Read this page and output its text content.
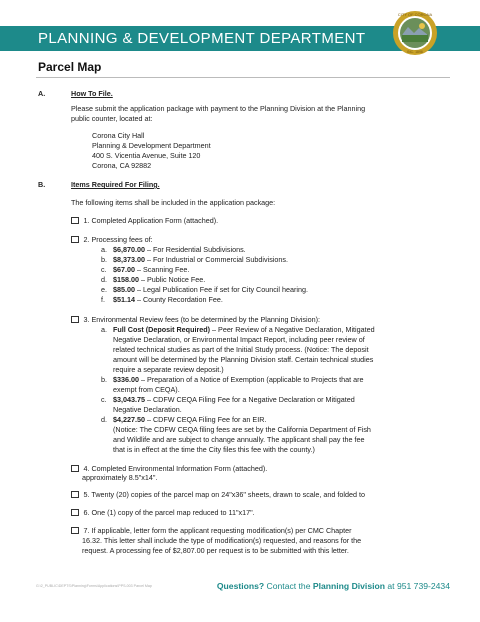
PLANNING & DEVELOPMENT DEPARTMENT
CITY OF CORONA
INC. 1896
Parcel Map
A.	How To File.
Please submit the application package with payment to the Planning Division at the Planning
public counter, located at:
Corona City Hall
Planning & Development Department
400 S. Vicentia Avenue, Suite 120
Corona, CA 92882
B.	Items Required For Filing.
The following items shall be included in the application package:
1. Completed Application Form (attached).
2. Processing fees of:
a. $6,870.00 – For Residential Subdivisions.
b. $8,373.00 – For Industrial or Commercial Subdivisions.
c. $67.00 – Scanning Fee.
d. $158.00 – Public Notice Fee.
e. $85.00 – Legal Publication Fee if set for City Council hearing.
f. $51.14 – County Recordation Fee.
3. Environmental Review fees (to be determined by the Planning Division):
a. Full Cost (Deposit Required) – Peer Review of a Negative Declaration, Mitigated
Negative Declaration, or Environmental Impact Report, including peer review of
related technical studies as part of the Initial Study process. (Notice: The deposit
amount will be determined by the Planning Division staff. Certain technical studies
require a separate review deposit.)
b. $336.00 – Preparation of a Notice of Exemption (applicable to Projects that are
exempt from CEQA).
c. $3,043.75 – CDFW CEQA Filing Fee for a Negative Declaration or Mitigated
Negative Declaration.
d. $4,227.50 – CDFW CEQA Filing Fee for an EIR.
(Notice: The CDFW CEQA filing fees are set by the California Department of Fish
and Wildlife and are subject to change annually. The applicant shall pay the fee
that is in effect at the time the City files this fee with the county.)
4. Completed Environmental Information Form (attached).
approximately 8.5"x14".
5. Twenty (20) copies of the parcel map on 24"x36" sheets, drawn to scale, and folded to
6. One (1) copy of the parcel map reduced to 11"x17".
7. If applicable, letter form the applicant requesting modification(s) per CMC Chapter
16.32. This letter shall include the type of modification(s) requested, and reasons for the
request. A processing fee of $2,807.00 per request is to be submitted with this letter.
G:\2_PUBLIC\DEPTS\Planning\Forms\Applications\PPS-003 Parcel Map	Questions? Contact the Planning Division at 951 739-2434
